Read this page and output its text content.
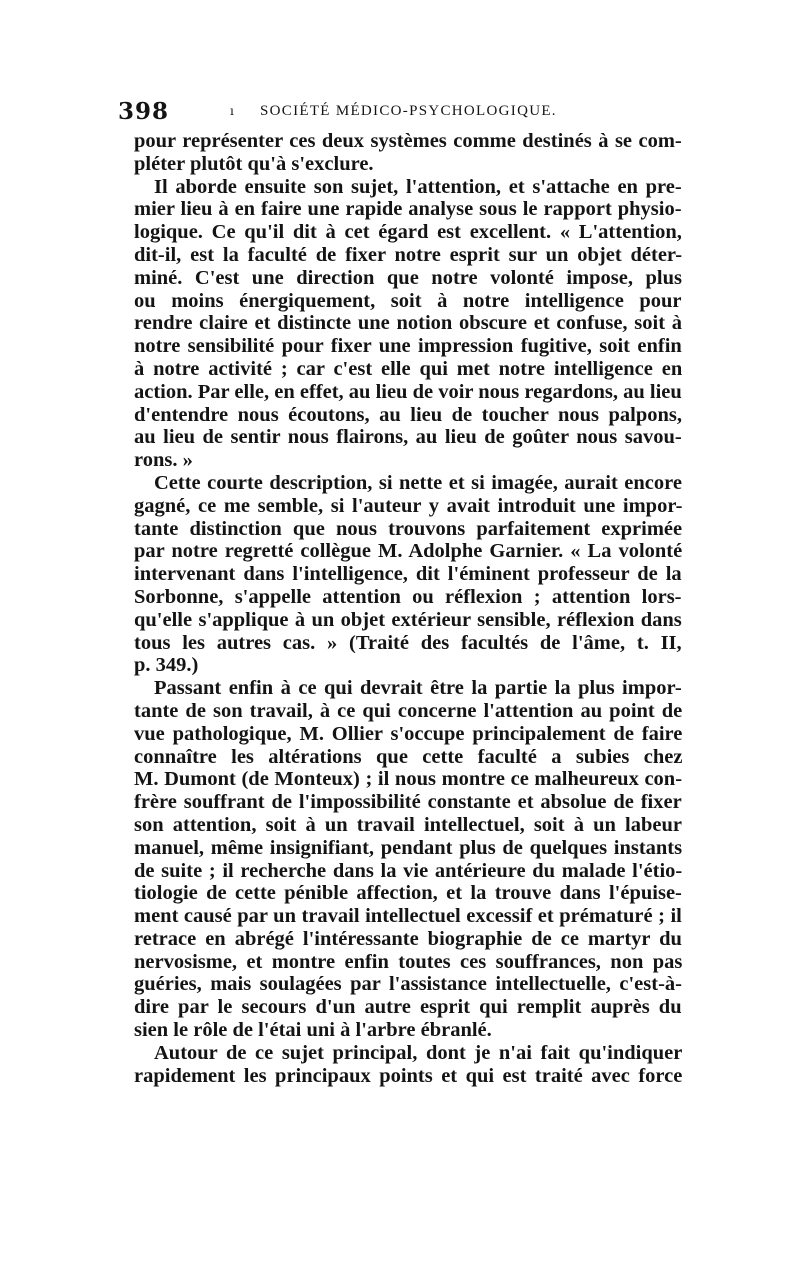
398	ı SOCIÉTÉ MÉDICO-PSYCHOLOGIQUE.
pour représenter ces deux systèmes comme destinés à se com-
pléter plutôt qu'à s'exclure.
Il aborde ensuite son sujet, l'attention, et s'attache en pre-
mier lieu à en faire une rapide analyse sous le rapport physio-
logique. Ce qu'il dit à cet égard est excellent. « L'attention,
dit-il, est la faculté de fixer notre esprit sur un objet déter-
miné. C'est une direction que notre volonté impose, plus
ou moins énergiquement, soit à notre intelligence pour
rendre claire et distincte une notion obscure et confuse, soit à
notre sensibilité pour fixer une impression fugitive, soit enfin
à notre activité ; car c'est elle qui met notre intelligence en
action. Par elle, en effet, au lieu de voir nous regardons, au lieu
d'entendre nous écoutons, au lieu de toucher nous palpons,
au lieu de sentir nous flairons, au lieu de goûter nous savou-
rons. »
Cette courte description, si nette et si imagée, aurait encore
gagné, ce me semble, si l'auteur y avait introduit une impor-
tante distinction que nous trouvons parfaitement exprimée
par notre regretté collègue M. Adolphe Garnier. « La volonté
intervenant dans l'intelligence, dit l'éminent professeur de la
Sorbonne, s'appelle attention ou réflexion ; attention lors-
qu'elle s'applique à un objet extérieur sensible, réflexion dans
tous les autres cas. » (Traité des facultés de l'âme, t. II,
p. 349.)
Passant enfin à ce qui devrait être la partie la plus impor-
tante de son travail, à ce qui concerne l'attention au point de
vue pathologique, M. Ollier s'occupe principalement de faire
connaître les altérations que cette faculté a subies chez
M. Dumont (de Monteux) ; il nous montre ce malheureux con-
frère souffrant de l'impossibilité constante et absolue de fixer
son attention, soit à un travail intellectuel, soit à un labeur
manuel, même insignifiant, pendant plus de quelques instants
de suite ; il recherche dans la vie antérieure du malade l'étio-
tiologie de cette pénible affection, et la trouve dans l'épuise-
ment causé par un travail intellectuel excessif et prématuré ; il
retrace en abrégé l'intéressante biographie de ce martyr du
nervosisme, et montre enfin toutes ces souffrances, non pas
guéries, mais soulagées par l'assistance intellectuelle, c'est-à-
dire par le secours d'un autre esprit qui remplit auprès du
sien le rôle de l'étai uni à l'arbre ébranlé.
Autour de ce sujet principal, dont je n'ai fait qu'indiquer
rapidement les principaux points et qui est traité avec force
